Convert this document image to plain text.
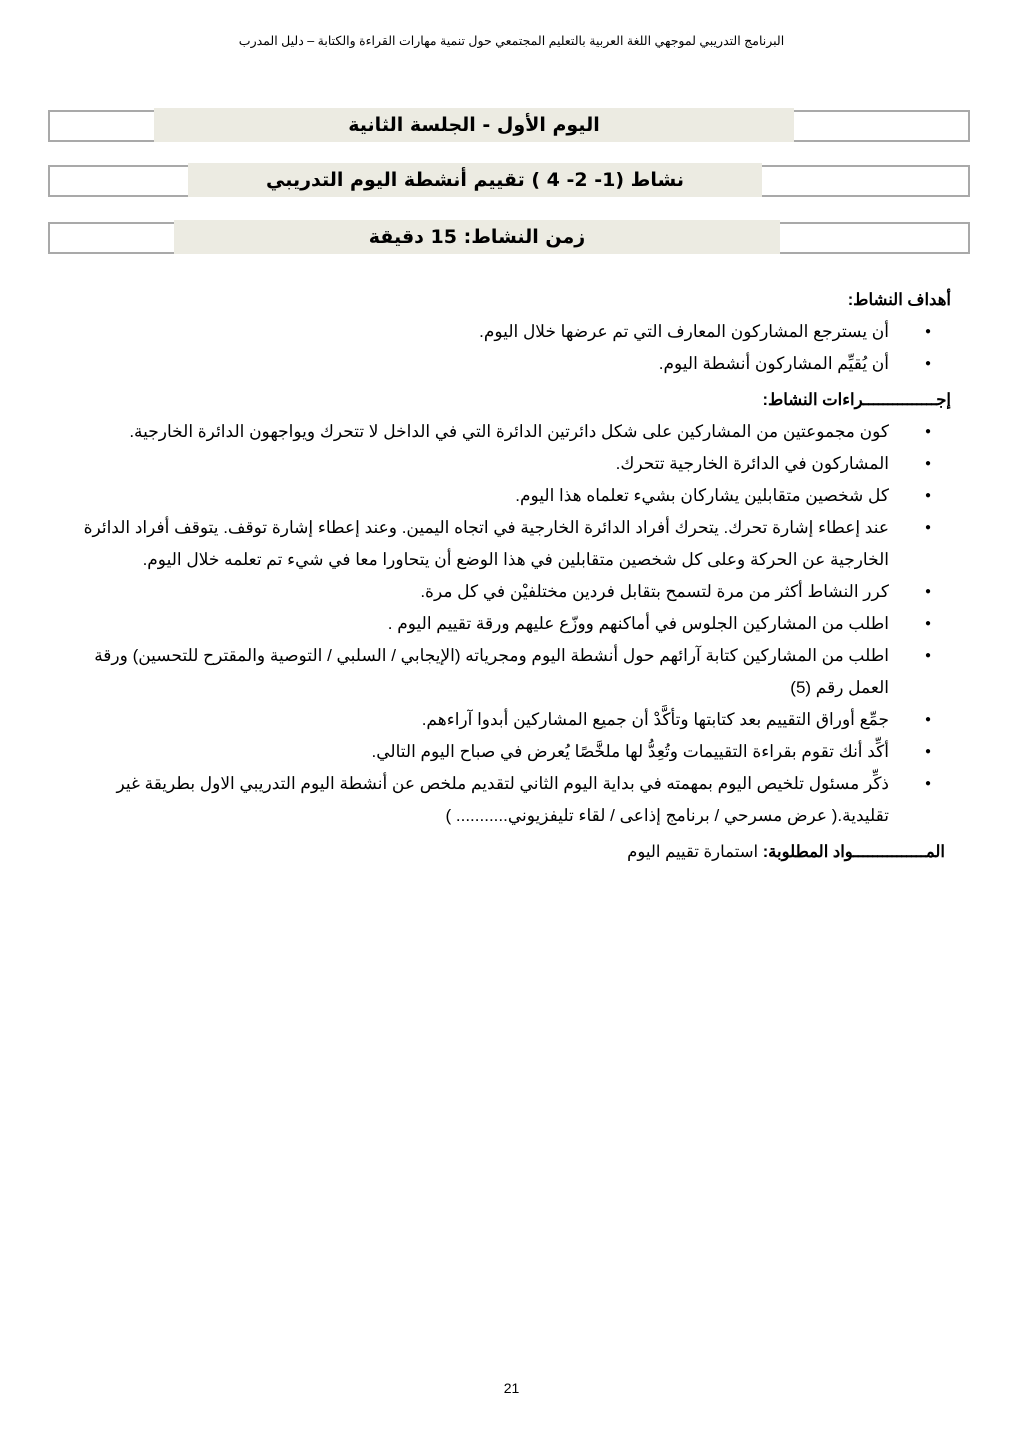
البرنامج التدريبي لموجهي اللغة العربية بالتعليم المجتمعي حول تنمية مهارات القراءة والكتابة – دليل المدرب
اليوم الأول - الجلسة الثانية
نشاط (1- 2- 4 ) تقييم أنشطة اليوم التدريبي
زمن النشاط: 15 دقيقة
أهداف النشاط:
● أن يسترجع المشاركون المعارف التي تم عرضها خلال اليوم.
● أن يُقيِّم المشاركون أنشطة اليوم.
إجـــــــــــــــراءات النشاط:
● كون مجموعتين من المشاركين على شكل دائرتين الدائرة التي في الداخل لا تتحرك ويواجهون الدائرة الخارجية.
● المشاركون في الدائرة الخارجية تتحرك.
● كل شخصين متقابلين يشاركان بشيء تعلماه هذا اليوم.
● عند إعطاء إشارة تحرك. يتحرك أفراد الدائرة الخارجية في اتجاه اليمين. وعند إعطاء إشارة توقف. يتوقف أفراد الدائرة الخارجية عن الحركة وعلى كل شخصين متقابلين في هذا الوضع أن يتحاورا معا في شيء تم تعلمه خلال اليوم.
● كرر النشاط أكثر من مرة لتسمح بتقابل فردين مختلفيْن في كل مرة.
● اطلب من المشاركين الجلوس في أماكنهم ووزّع عليهم ورقة تقييم اليوم .
● اطلب من المشاركين كتابة آرائهم حول أنشطة اليوم ومجرياته (الإيجابي / السلبي / التوصية والمقترح للتحسين) ورقة العمل رقم (5)
● جمِّع أوراق التقييم بعد كتابتها وتأكَّدْ أن جميع المشاركين أبدوا آراءهم.
● أكِّد أنك تقوم بقراءة التقييمات وتُعِدُّ لها ملخَّصًا يُعرض في صباح اليوم التالي.
● ذكِّر مسئول تلخيص اليوم بمهمته في بداية اليوم الثاني لتقديم ملخص عن أنشطة اليوم التدريبي الاول بطريقة غير تقليدية.( عرض مسرحي / برنامج إذاعى / لقاء تليفزيوني........... )
المـــــــــــــــواد المطلوبة: استمارة تقييم اليوم
21
